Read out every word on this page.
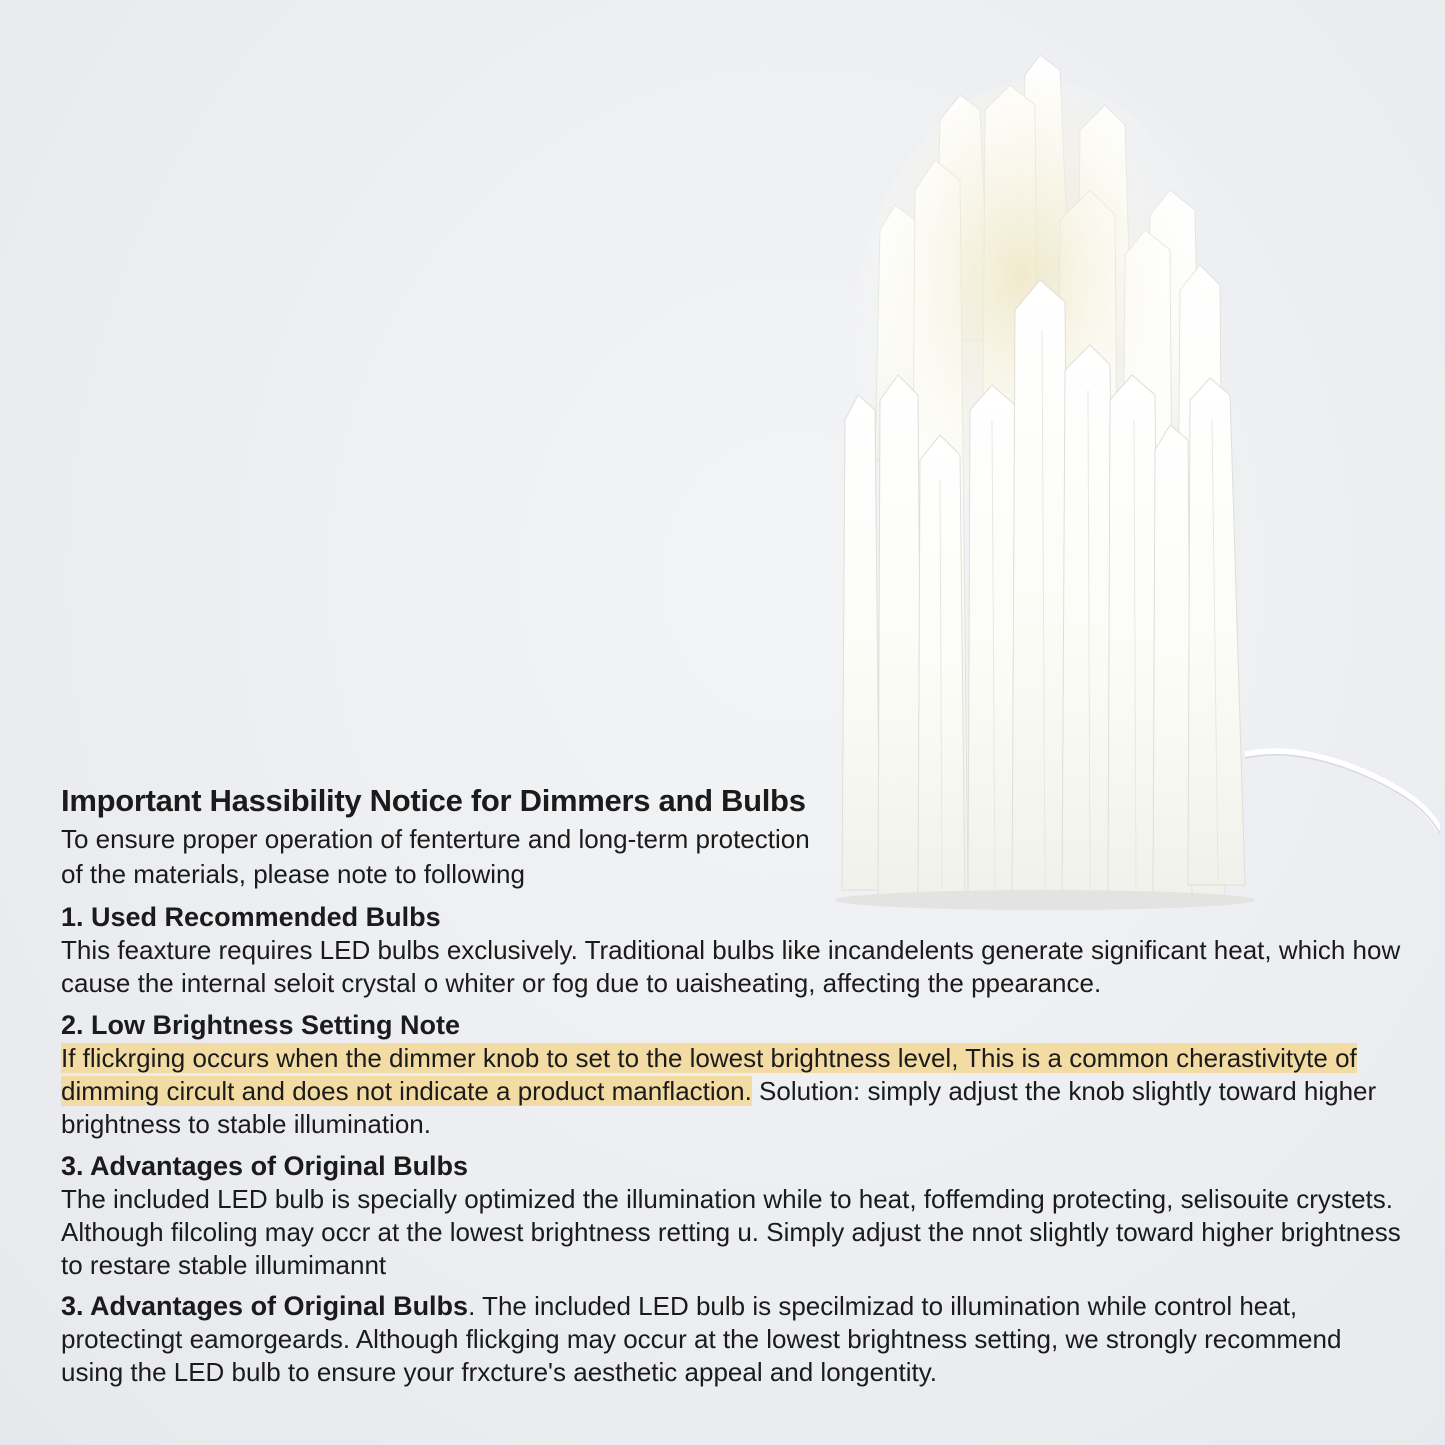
Important Hassibility Notice for Dimmers and Bulbs

To ensure proper operation of fenterture and long-term protection of the materials, please note to following

1. Used Recommended Bulbs

This feaxture requires LED bulbs exclusively. Traditional bulbs like incandelents generate significant heat, which how cause the internal seloit crystal o whiter or fog due to uaisheating, affecting the ppearance.

2. Low Brightness Setting Note

If flickrging occurs when the dimmer knob to set to the lowest brightness level, This is a common cherastivityte of dimming circult and does not indicate a product manflaction. Solution: simply adjust the knob slightly toward higher brightness to stable illumination.

3. Advantages of Original Bulbs

The included LED bulb is specially optimized the illumination while to heat, foffemding protecting, selisouite crystets. Although filcoling may occr at the lowest brightness retting u. Simply adjust the nnot slightly toward higher brightness to restare stable illumimannt

3. Advantages of Original Bulbs. The included LED bulb is specilmizad to illumination while control heat, protectingt eamorgeards. Although flickging may occur at the lowest brightness setting, we strongly recommend using the LED bulb to ensure your frxcture's aesthetic appeal and longentity.
